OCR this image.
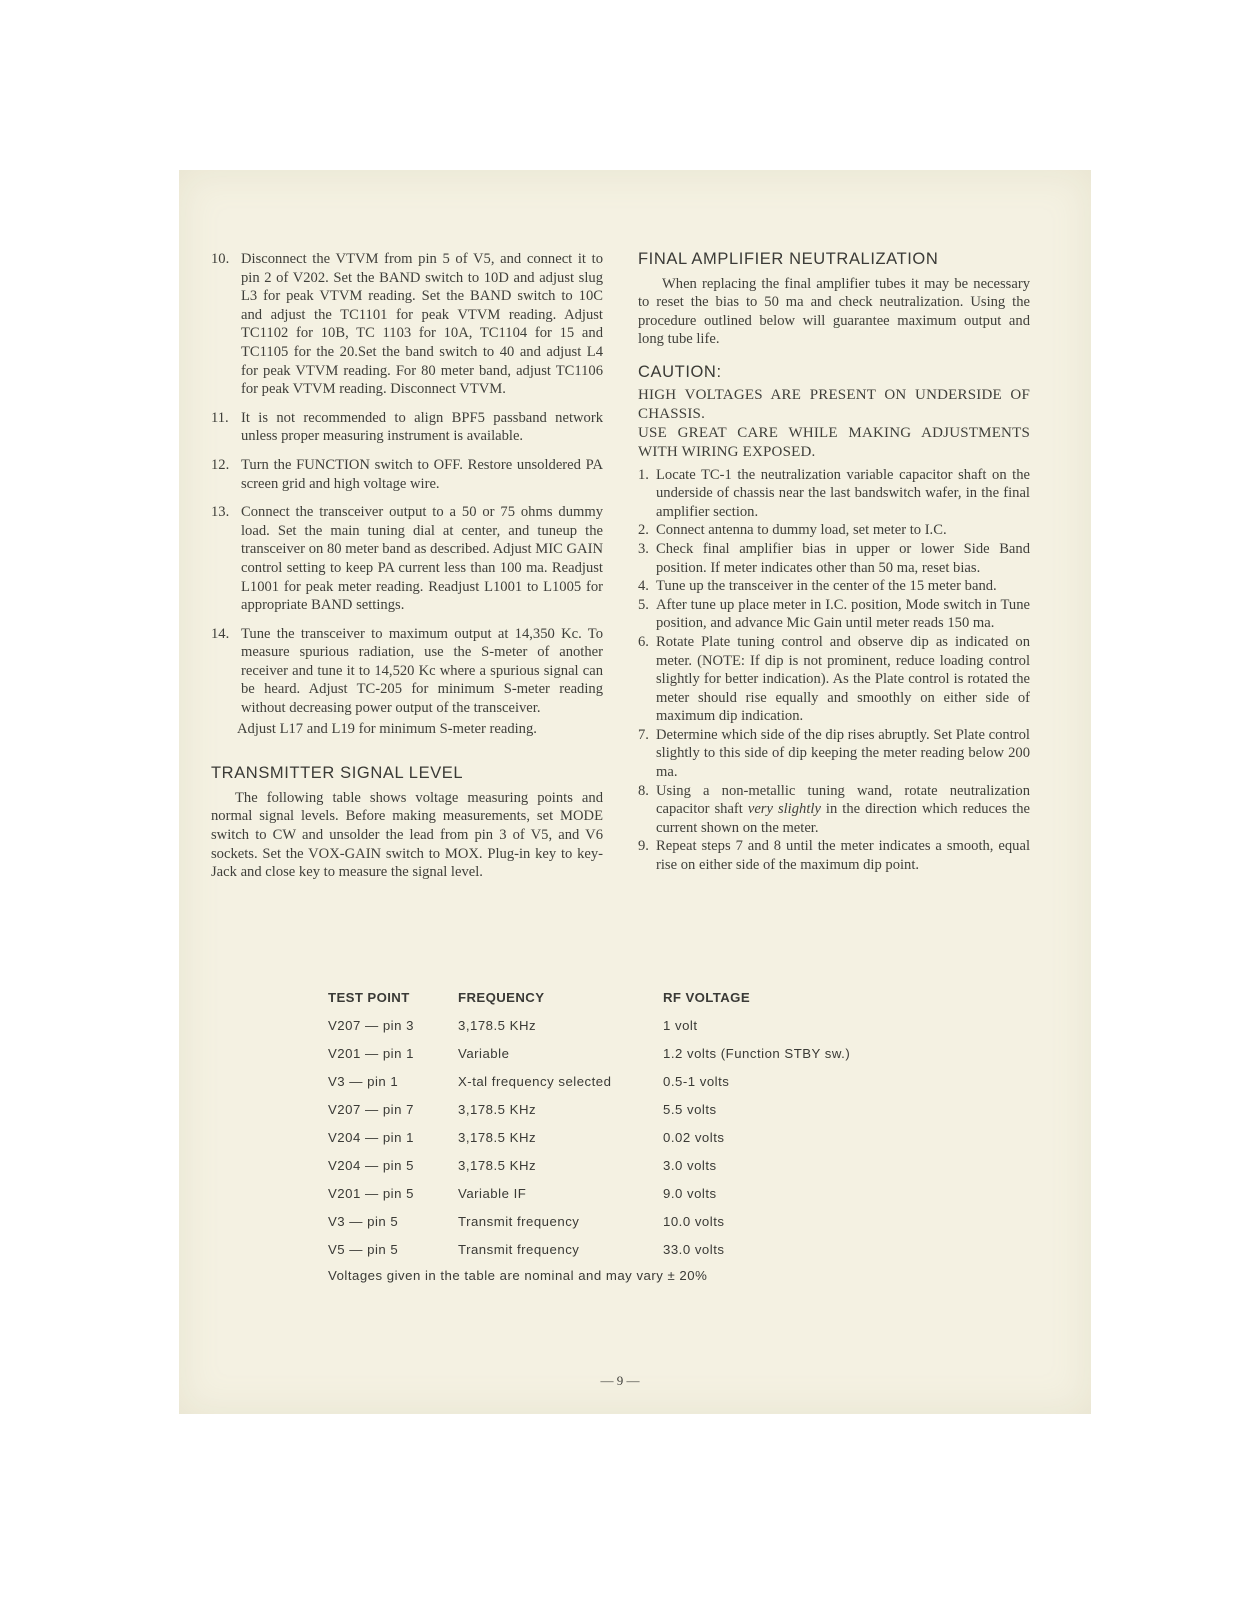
10. Disconnect the VTVM from pin 5 of V5, and connect it to pin 2 of V202. Set the BAND switch to 10D and adjust slug L3 for peak VTVM reading. Set the BAND switch to 10C and adjust the TC1101 for peak VTVM reading. Adjust TC1102 for 10B, TC 1103 for 10A, TC1104 for 15 and TC1105 for the 20.Set the band switch to 40 and adjust L4 for peak VTVM reading. For 80 meter band, adjust TC1106 for peak VTVM reading. Disconnect VTVM.
11. It is not recommended to align BPF5 passband network unless proper measuring instrument is available.
12. Turn the FUNCTION switch to OFF. Restore unsoldered PA screen grid and high voltage wire.
13. Connect the transceiver output to a 50 or 75 ohms dummy load. Set the main tuning dial at center, and tuneup the transceiver on 80 meter band as described. Adjust MIC GAIN control setting to keep PA current less than 100 ma. Readjust L1001 for peak meter reading. Readjust L1001 to L1005 for appropriate BAND settings.
14. Tune the transceiver to maximum output at 14,350 Kc. To measure spurious radiation, use the S-meter of another receiver and tune it to 14,520 Kc where a spurious signal can be heard. Adjust TC-205 for minimum S-meter reading without decreasing power output of the transceiver.
Adjust L17 and L19 for minimum S-meter reading.
TRANSMITTER SIGNAL LEVEL

The following table shows voltage measuring points and normal signal levels. Before making measurements, set MODE switch to CW and unsolder the lead from pin 3 of V5, and V6 sockets. Set the VOX-GAIN switch to MOX. Plug-in key to key-Jack and close key to measure the signal level.

FINAL AMPLIFIER NEUTRALIZATION

When replacing the final amplifier tubes it may be necessary to reset the bias to 50 ma and check neutralization. Using the procedure outlined below will guarantee maximum output and long tube life.

CAUTION:

HIGH VOLTAGES ARE PRESENT ON UNDERSIDE OF CHASSIS.

USE GREAT CARE WHILE MAKING ADJUSTMENTS WITH WIRING EXPOSED.

1. Locate TC-1 the neutralization variable capacitor shaft on the underside of chassis near the last bandswitch wafer, in the final amplifier section.
2. Connect antenna to dummy load, set meter to I.C.
3. Check final amplifier bias in upper or lower Side Band position. If meter indicates other than 50 ma, reset bias.
4. Tune up the transceiver in the center of the 15 meter band.
5. After tune up place meter in I.C. position, Mode switch in Tune position, and advance Mic Gain until meter reads 150 ma.
6. Rotate Plate tuning control and observe dip as indicated on meter. (NOTE: If dip is not prominent, reduce loading control slightly for better indication). As the Plate control is rotated the meter should rise equally and smoothly on either side of maximum dip indication.
7. Determine which side of the dip rises abruptly. Set Plate control slightly to this side of dip keeping the meter reading below 200 ma.
8. Using a non-metallic tuning wand, rotate neutralization capacitor shaft very slightly in the direction which reduces the current shown on the meter.
9. Repeat steps 7 and 8 until the meter indicates a smooth, equal rise on either side of the maximum dip point.
TEST POINT	FREQUENCY	RF VOLTAGE
V207 — pin 3	3,178.5 KHz	1 volt
V201 — pin 1	Variable	1.2 volts (Function STBY sw.)
V3 — pin 1	X-tal frequency selected	0.5-1 volts
V207 — pin 7	3,178.5 KHz	5.5 volts
V204 — pin 1	3,178.5 KHz	0.02 volts
V204 — pin 5	3,178.5 KHz	3.0 volts
V201 — pin 5	Variable IF	9.0 volts
V3 — pin 5	Transmit frequency	10.0 volts
V5 — pin 5	Transmit frequency	33.0 volts
Voltages given in the table are nominal and may vary ± 20%
— 9 —
